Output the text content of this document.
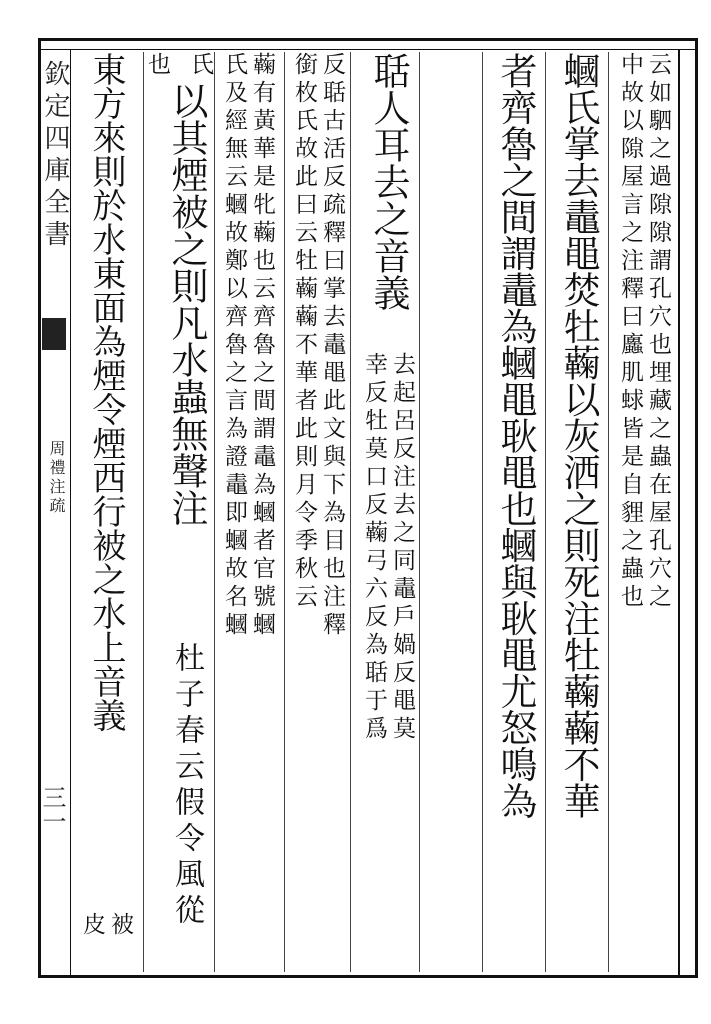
欽定四庫全書
周禮注疏
三一
云如駟之過隙隙謂孔穴也埋藏之蟲在屋孔穴之
中故以隙屋言之注釋曰蠯肌蛷皆是自貍之蟲也
蟈氏掌去鼃黽焚牡蘜以灰洒之則死注牡蘜蘜不華
者齊魯之間謂鼃為蟈黽耿黽也蟈與耿黽尤怒鳴為
聒人耳去之音義
去起呂反注去之同鼃戶媧反黽莫
幸反牡莫口反蘜弓六反為聒于爲
反聒古活反疏釋曰掌去鼃黽此文與下為目也注釋
銜枚氏故此曰云牡蘜蘜不華者此則月令季秋云
蘜有黃華是牝蘜也云齊魯之間謂鼃為蟈者官號蟈
氏及經無云蟈故鄭以齊魯之言為證鼃即蟈故名蟈
氏
以其煙被之則凡水蟲無聲注
杜子春云假令風從
也
東方來則於水東面為煙令煙西行被之水上音義
被
皮
